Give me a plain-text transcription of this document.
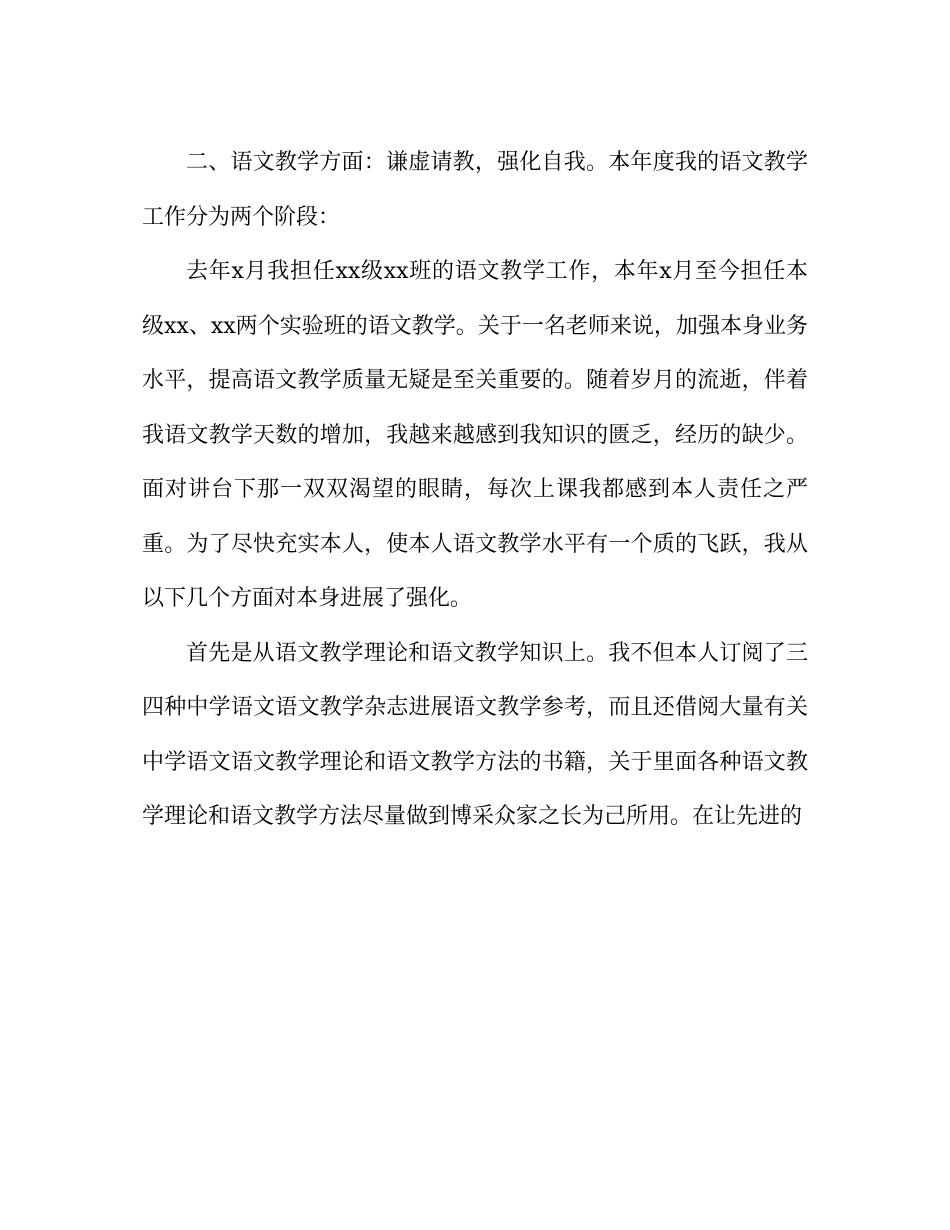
二、语文教学方面：谦虚请教，强化自我。本年度我的语文教学工作分为两个阶段：

去年x月我担任xx级xx班的语文教学工作，本年x月至今担任本级xx、xx两个实验班的语文教学。关于一名老师来说，加强本身业务水平，提高语文教学质量无疑是至关重要的。随着岁月的流逝，伴着我语文教学天数的增加，我越来越感到我知识的匮乏，经历的缺少。面对讲台下那一双双渴望的眼睛，每次上课我都感到本人责任之严重。为了尽快充实本人，使本人语文教学水平有一个质的飞跃，我从以下几个方面对本身进展了强化。

首先是从语文教学理论和语文教学知识上。我不但本人订阅了三四种中学语文语文教学杂志进展语文教学参考，而且还借阅大量有关中学语文语文教学理论和语文教学方法的书籍，关于里面各种语文教学理论和语文教学方法尽量做到博采众家之长为己所用。在让先进的
